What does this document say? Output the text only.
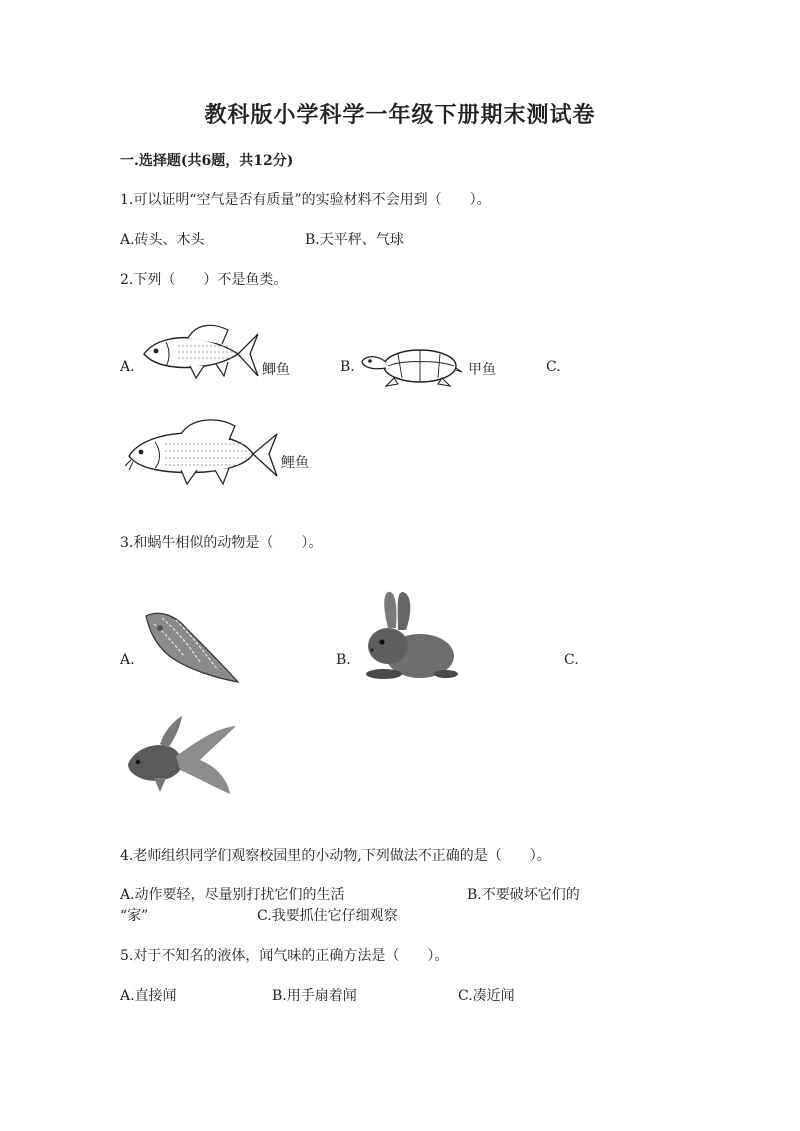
教科版小学科学一年级下册期末测试卷
一.选择题(共6题，共12分)
1.可以证明“空气是否有质量”的实验材料不会用到（　　）。
A.砖头、木头	B.天平秤、气球
2.下列（　　）不是鱼类。
A.	鲫鱼	B.	甲鱼	C.
鲤鱼
3.和蜗牛相似的动物是（　　）。
A.	B.	C.
4.老师组织同学们观察校园里的小动物,下列做法不正确的是（　　）。
A.动作要轻，尽量别打扰它们的生活	B.不要破坏它们的
“家”	C.我要抓住它仔细观察
5.对于不知名的液体，闻气味的正确方法是（　　）。
A.直接闻	B.用手扇着闻	C.凑近闻
